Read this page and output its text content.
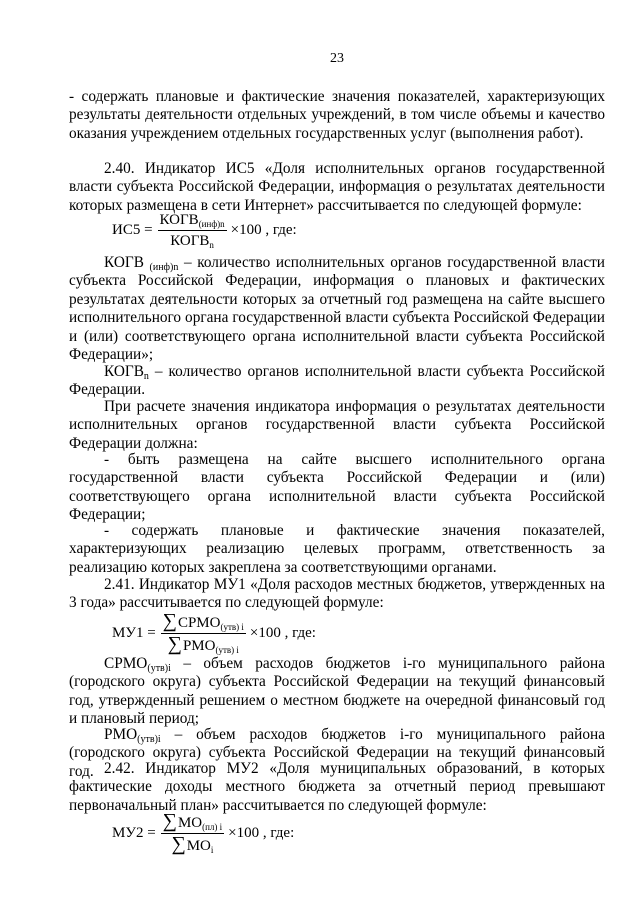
23

- содержать плановые и фактические значения показателей, характеризующих результаты деятельности отдельных учреждений, в том числе объемы и качество оказания учреждением отдельных государственных услуг (выполнения работ).

2.40. Индикатор ИС5 «Доля исполнительных органов государственной власти субъекта Российской Федерации, информация о результатах деятельности которых размещена в сети Интернет» рассчитывается по следующей формуле:

$ИС5 = \frac{КОГВ_{(инф)n}}{КОГВ_n} \times 100$ , где:

КОГВ $_{(инф)n}$ – количество исполнительных органов государственной власти субъекта Российской Федерации, информация о плановых и фактических результатах деятельности которых за отчетный год размещена на сайте высшего исполнительного органа государственной власти субъекта Российской Федерации и (или) соответствующего органа исполнительной власти субъекта Российской Федерации»;

$КОГВ_n$ – количество органов исполнительной власти субъекта Российской Федерации.

При расчете значения индикатора информация о результатах деятельности исполнительных органов государственной власти субъекта Российской Федерации должна:

- быть размещена на сайте высшего исполнительного органа государственной власти субъекта Российской Федерации и (или) соответствующего органа исполнительной власти субъекта Российской Федерации;

- содержать плановые и фактические значения показателей, характеризующих реализацию целевых программ, ответственность за реализацию которых закреплена за соответствующими органами.

2.41. Индикатор МУ1 «Доля расходов местных бюджетов, утвержденных на 3 года» рассчитывается по следующей формуле:

$МУ1 = \frac{\sum СРМО_{(утв) i}}{\sum РМО_{(утв) i}} \times 100$ , где:

$СРМО_{(утв)i}$ – объем расходов бюджетов i-го муниципального района (городского округа) субъекта Российской Федерации на текущий финансовый год, утвержденный решением о местном бюджете на очередной финансовый год и плановый период;

$РМО_{(утв)i}$ – объем расходов бюджетов i-го муниципального района (городского округа) субъекта Российской Федерации на текущий финансовый год. 2.42. Индикатор МУ2 «Доля муниципальных образований, в которых фактические доходы местного бюджета за отчетный период превышают первоначальный план» рассчитывается по следующей формуле:

$МУ2 = \frac{\sum МО_{(пл) i}}{\sum МО_i} \times 100$ , где:
